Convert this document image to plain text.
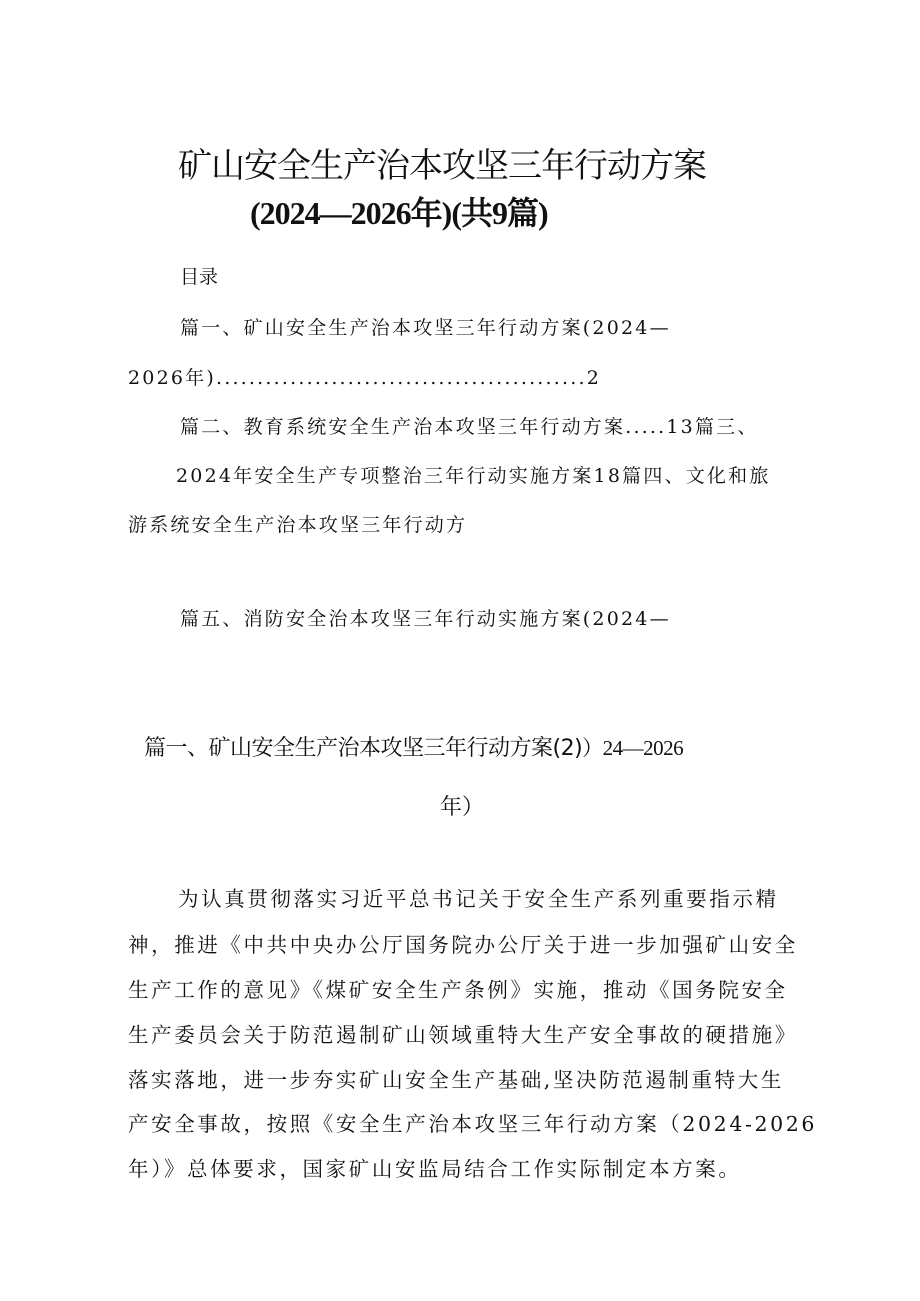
矿山安全生产治本攻坚三年行动方案
(2024—2026年)(共9篇)
目录
篇一、矿山安全生产治本攻坚三年行动方案(2024—
2026年).............................................2
篇二、教育系统安全生产治本攻坚三年行动方案.....13篇三、
2024年安全生产专项整治三年行动实施方案18篇四、文化和旅
游系统安全生产治本攻坚三年行动方
篇五、消防安全治本攻坚三年行动实施方案(2024—
篇一、矿山安全生产治本攻坚三年行动方案(2)）24—2026
年）
为认真贯彻落实习近平总书记关于安全生产系列重要指示精
神，推进《中共中央办公厅国务院办公厅关于进一步加强矿山安全
生产工作的意见》《煤矿安全生产条例》实施，推动《国务院安全
生产委员会关于防范遏制矿山领域重特大生产安全事故的硬措施》
落实落地，进一步夯实矿山安全生产基础,坚决防范遏制重特大生
产安全事故，按照《安全生产治本攻坚三年行动方案（2024-2026
年）》总体要求，国家矿山安监局结合工作实际制定本方案。
